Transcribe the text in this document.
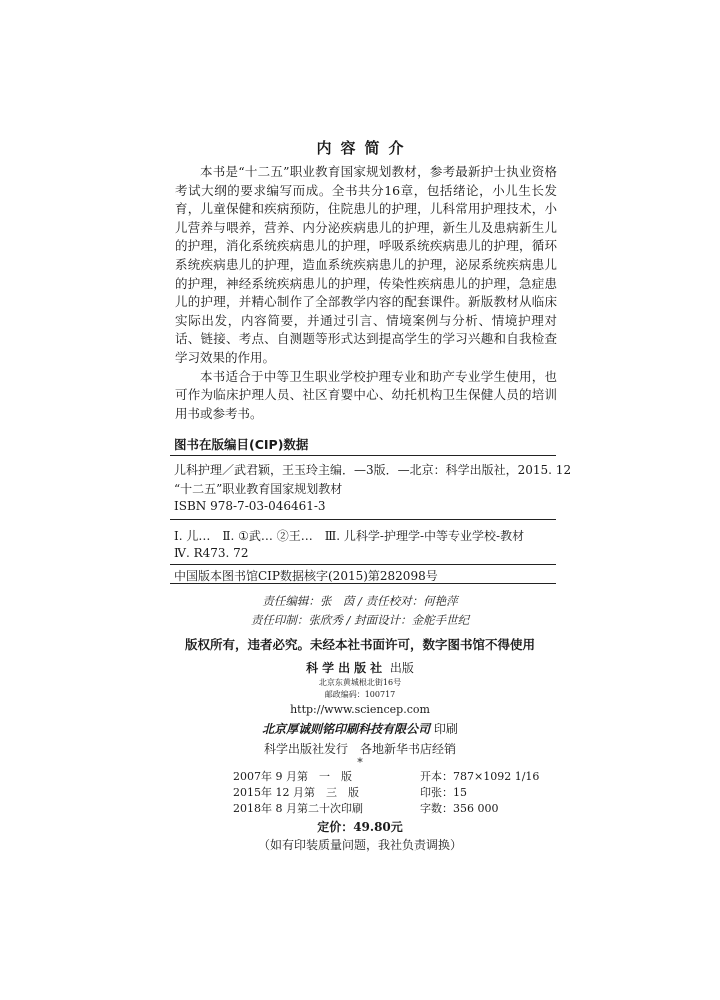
内容简介

本书是“十二五”职业教育国家规划教材，参考最新护士执业资格考试大纲的要求编写而成。全书共分16章，包括绪论，小儿生长发育，儿童保健和疾病预防，住院患儿的护理，儿科常用护理技术，小儿营养与喂养，营养、内分泌疾病患儿的护理，新生儿及患病新生儿的护理，消化系统疾病患儿的护理，呼吸系统疾病患儿的护理，循环系统疾病患儿的护理，造血系统疾病患儿的护理，泌尿系统疾病患儿的护理，神经系统疾病患儿的护理，传染性疾病患儿的护理，急症患儿的护理，并精心制作了全部教学内容的配套课件。新版教材从临床实际出发，内容简要，并通过引言、情境案例与分析、情境护理对话、链接、考点、自测题等形式达到提高学生的学习兴趣和自我检查学习效果的作用。

本书适合于中等卫生职业学校护理专业和助产专业学生使用，也可作为临床护理人员、社区育婴中心、幼托机构卫生保健人员的培训用书或参考书。

图书在版编目(CIP)数据
儿科护理／武君颖，王玉玲主编．—3版．—北京：科学出版社，2015. 12
“十二五”职业教育国家规划教材
ISBN 978-7-03-046461-3
Ⅰ. 儿…　Ⅱ. ①武… ②王…　Ⅲ. 儿科学-护理学-中等专业学校-教材
Ⅳ. R473. 72
中国版本图书馆CIP数据核字(2015)第282098号
责任编辑：张　茵 / 责任校对：何艳萍
责任印制：张欣秀 / 封面设计：金舵手世纪
版权所有，违者必究。未经本社书面许可，数字图书馆不得使用
科学出版社 出版
北京东黄城根北街16号
邮政编码：100717
http://www.sciencep.com
北京厚诚则铭印刷科技有限公司 印刷
科学出版社发行　各地新华书店经销
*
2007年 9 月第　一　版	开本：787×1092 1/16
2015年 12 月第　三　版	印张：15
2018年 8 月第二十次印刷	字数：356 000
定价：49.80元
（如有印装质量问题，我社负责调换）
